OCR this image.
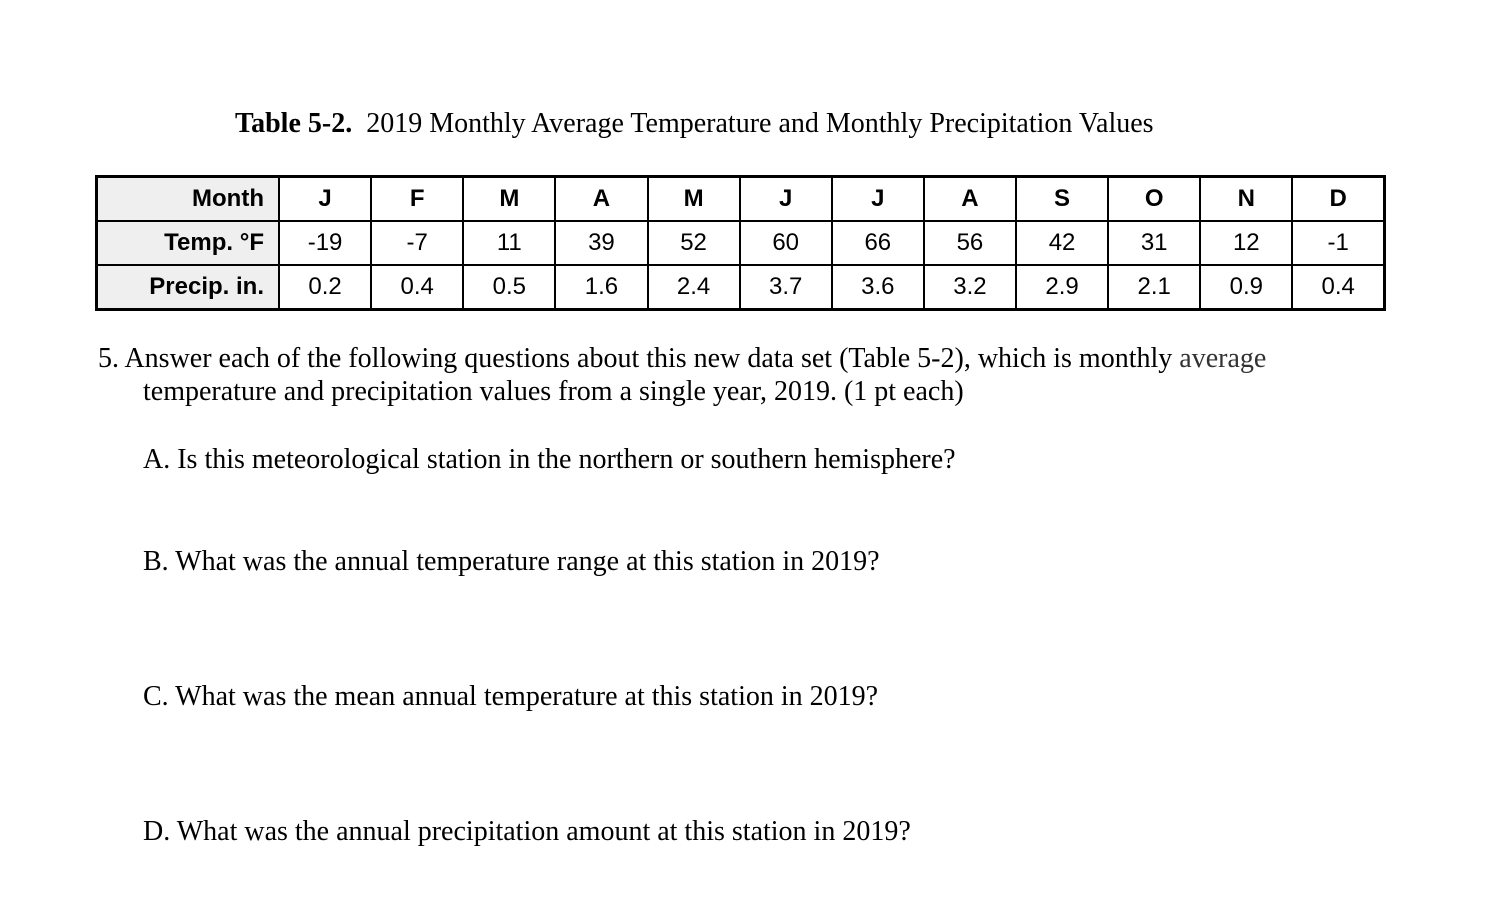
Table 5-2. 2019 Monthly Average Temperature and Monthly Precipitation Values
Month	J	F	M	A	M	J	J	A	S	O	N	D
Temp. °F	-19	-7	11	39	52	60	66	56	42	31	12	-1
Precip. in.	0.2	0.4	0.5	1.6	2.4	3.7	3.6	3.2	2.9	2.1	0.9	0.4
5. Answer each of the following questions about this new data set (Table 5-2), which is monthly average
temperature and precipitation values from a single year, 2019. (1 pt each)
A. Is this meteorological station in the northern or southern hemisphere?
B. What was the annual temperature range at this station in 2019?
C. What was the mean annual temperature at this station in 2019?
D. What was the annual precipitation amount at this station in 2019?
